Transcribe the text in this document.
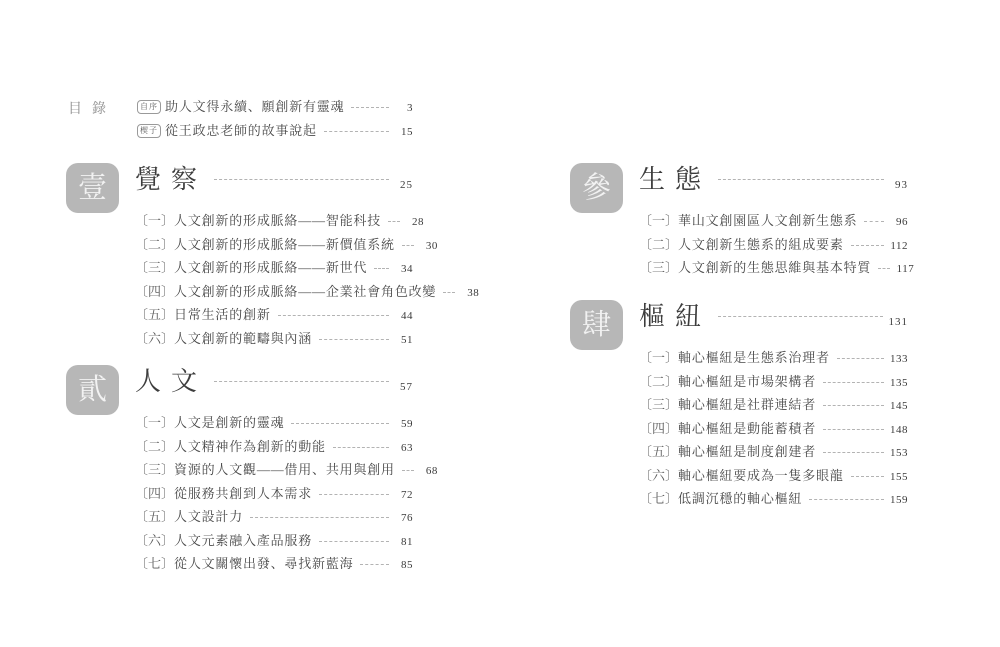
目錄	自序 助人文得永續、願創新有靈魂	3
楔子 從王政忠老師的故事說起	15
壹	覺察	25
〔一〕 人文創新的形成脈絡——智能科技	28
〔二〕 人文創新的形成脈絡——新價值系統	30
〔三〕 人文創新的形成脈絡——新世代	34
〔四〕 人文創新的形成脈絡——企業社會角色改變	38
〔五〕 日常生活的創新	44
〔六〕 人文創新的範疇與內涵	51
貳	人文	57
〔一〕 人文是創新的靈魂	59
〔二〕 人文精神作為創新的動能	63
〔三〕 資源的人文觀——借用、共用與創用	68
〔四〕 從服務共創到人本需求	72
〔五〕 人文設計力	76
〔六〕 人文元素融入產品服務	81
〔七〕 從人文關懷出發、尋找新藍海	85
參	生態	93
〔一〕 華山文創園區人文創新生態系	96
〔二〕 人文創新生態系的組成要素	112
〔三〕 人文創新的生態思維與基本特質 117
肆	樞紐	131
〔一〕 軸心樞紐是生態系治理者	133
〔二〕 軸心樞紐是市場架構者	135
〔三〕 軸心樞紐是社群連結者	145
〔四〕 軸心樞紐是動能蓄積者	148
〔五〕 軸心樞紐是制度創建者	153
〔六〕 軸心樞紐要成為一隻多眼龍	155
〔七〕 低調沉穩的軸心樞紐	159
